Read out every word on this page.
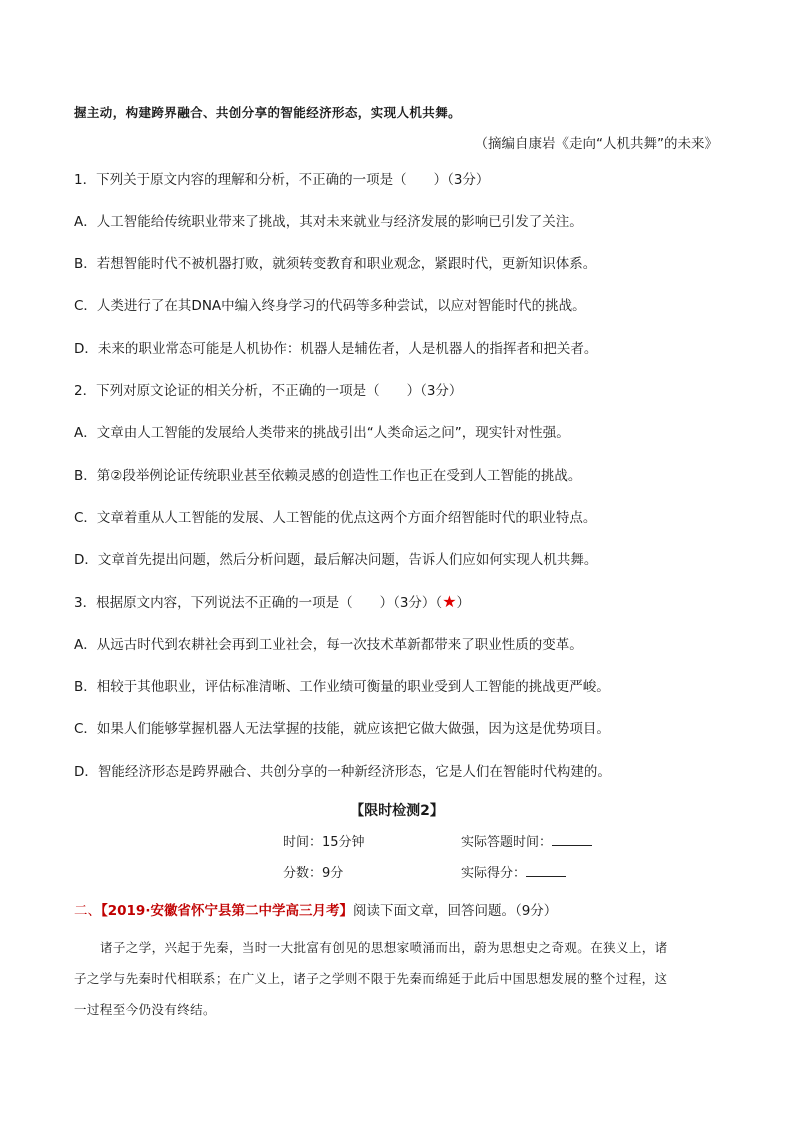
握主动，构建跨界融合、共创分享的智能经济形态，实现人机共舞。
（摘编自康岩《走向“人机共舞”的未来》
1．下列关于原文内容的理解和分析，不正确的一项是（　　）（3分）
A．人工智能给传统职业带来了挑战，其对未来就业与经济发展的影响已引发了关注。
B．若想智能时代不被机器打败，就须转变教育和职业观念，紧跟时代，更新知识体系。
C．人类进行了在其DNA中编入终身学习的代码等多种尝试，以应对智能时代的挑战。
D．未来的职业常态可能是人机协作：机器人是辅佐者，人是机器人的指挥者和把关者。
2．下列对原文论证的相关分析，不正确的一项是（　　）（3分）
A．文章由人工智能的发展给人类带来的挑战引出“人类命运之问”，现实针对性强。
B．第②段举例论证传统职业甚至依赖灵感的创造性工作也正在受到人工智能的挑战。
C．文章着重从人工智能的发展、人工智能的优点这两个方面介绍智能时代的职业特点。
D．文章首先提出问题，然后分析问题，最后解决问题，告诉人们应如何实现人机共舞。
3．根据原文内容，下列说法不正确的一项是（　　）（3分）（★）
A．从远古时代到农耕社会再到工业社会，每一次技术革新都带来了职业性质的变革。
B．相较于其他职业，评估标准清晰、工作业绩可衡量的职业受到人工智能的挑战更严峻。
C．如果人们能够掌握机器人无法掌握的技能，就应该把它做大做强，因为这是优势项目。
D．智能经济形态是跨界融合、共创分享的一种新经济形态，它是人们在智能时代构建的。
【限时检测2】
时间：15分钟	实际答题时间：
分数：9分	实际得分：
二、【2019·安徽省怀宁县第二中学高三月考】阅读下面文章，回答问题。（9分）
诸子之学，兴起于先秦，当时一大批富有创见的思想家喷涌而出，蔚为思想史之奇观。在狭义上，诸
子之学与先秦时代相联系；在广义上，诸子之学则不限于先秦而绵延于此后中国思想发展的整个过程，这
一过程至今仍没有终结。
